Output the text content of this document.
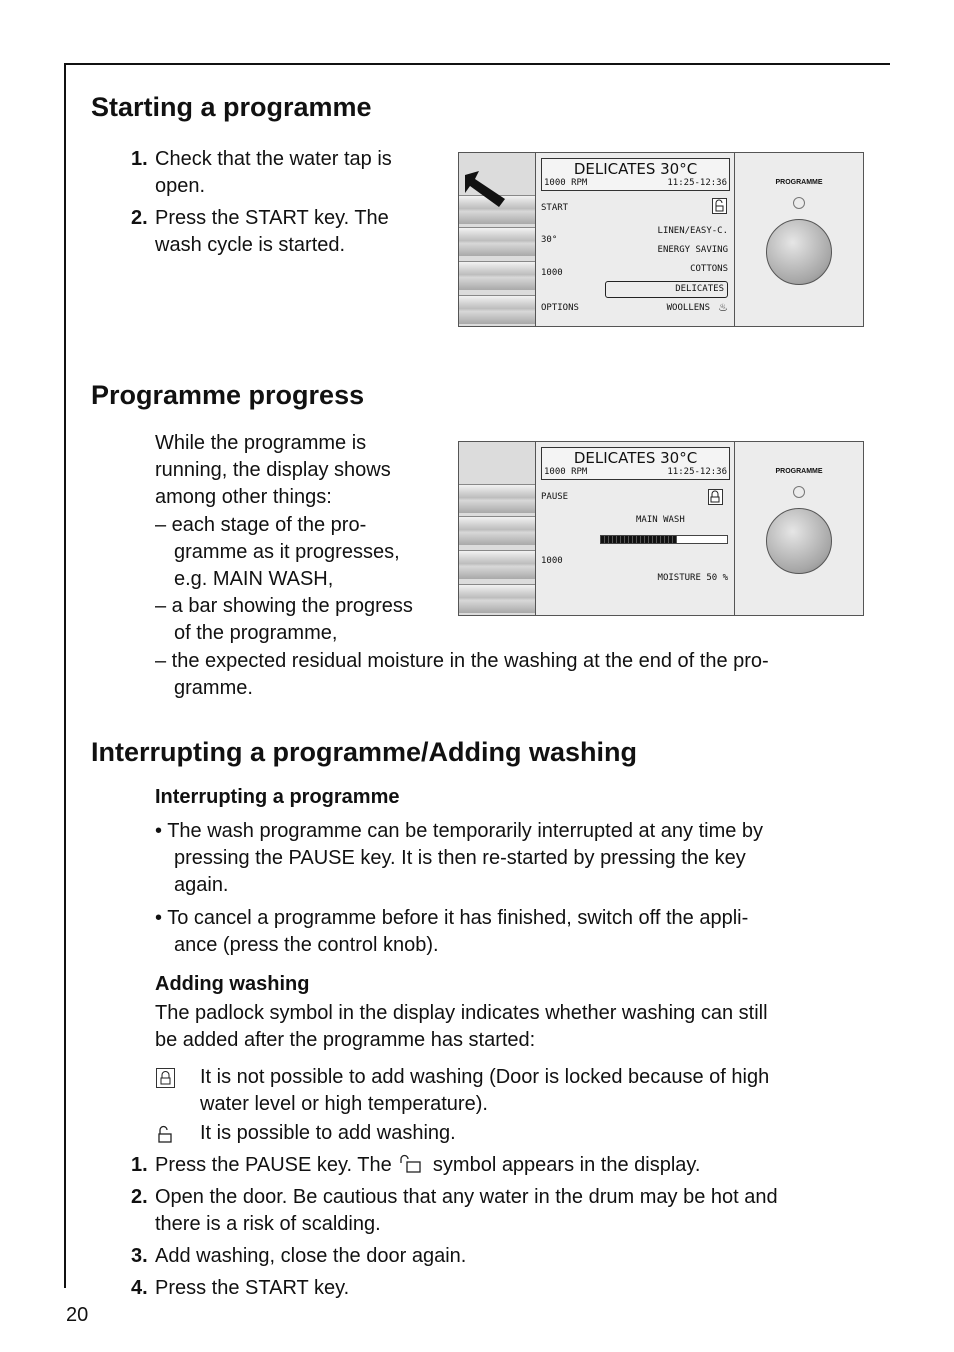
Starting a programme
1. Check that the water tap is
open.
2. Press the START key. The
wash cycle is started.
DELICATES 30°C
1000 RPM	11:25-12:36
START
30°
1000
OPTIONS
LINEN/EASY-C.
ENERGY SAVING
COTTONS
DELICATES
WOOLLENS ♨
PROGRAMME
Programme progress
While the programme is
running, the display shows
among other things:
– each stage of the pro-
gramme as it progresses,
e.g. MAIN WASH,
– a bar showing the progress
of the programme,
– the expected residual moisture in the washing at the end of the pro-
gramme.
DELICATES 30°C
1000 RPM	11:25-12:36
PAUSE
MAIN WASH
1000
MOISTURE 50 %
PROGRAMME
Interrupting a programme/Adding washing
Interrupting a programme
• The wash programme can be temporarily interrupted at any time by
pressing the PAUSE key. It is then re-started by pressing the key
again.
• To cancel a programme before it has finished, switch off the appli-
ance (press the control knob).
Adding washing
The padlock symbol in the display indicates whether washing can still
be added after the programme has started:
It is not possible to add washing (Door is locked because of high
water level or high temperature).
It is possible to add washing.
1. Press the PAUSE key. The symbol appears in the display.
2. Open the door. Be cautious that any water in the drum may be hot and
there is a risk of scalding.
3. Add washing, close the door again.
4. Press the START key.
20
